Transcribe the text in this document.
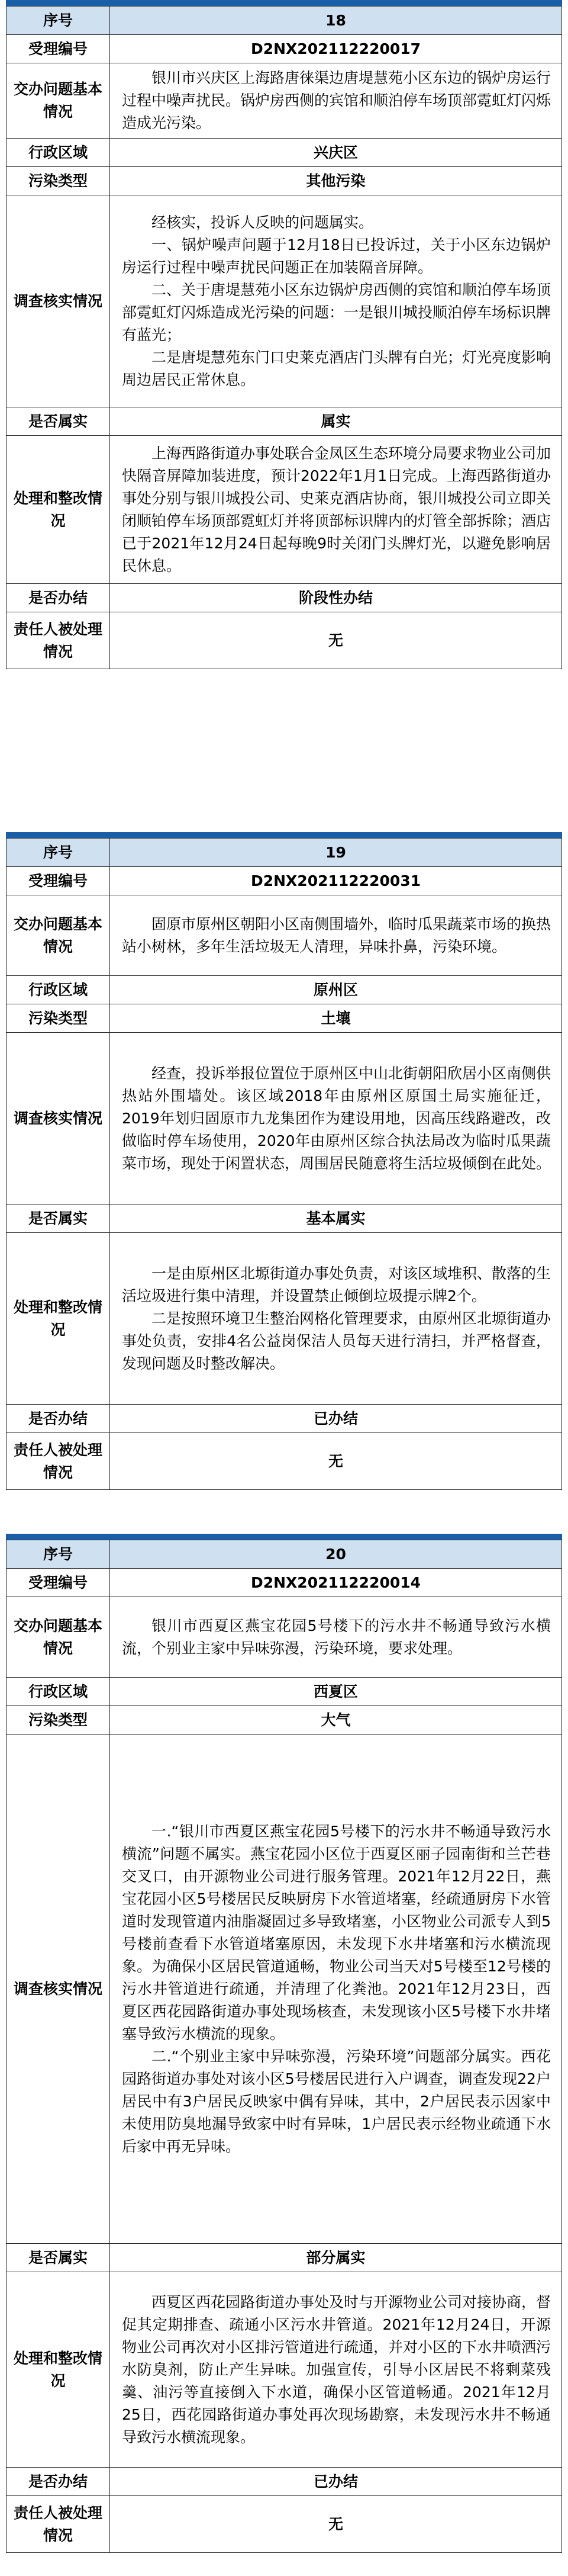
序号	18

受理编号	D2NX202112220017

交办问题基本情况	银川市兴庆区上海路唐徕渠边唐堤慧苑小区东边的锅炉房运行过程中噪声扰民。锅炉房西侧的宾馆和顺泊停车场顶部霓虹灯闪烁造成光污染。

行政区域	兴庆区

污染类型	其他污染

调查核实情况	经核实，投诉人反映的问题属实。

一、锅炉噪声问题于12月18日已投诉过，关于小区东边锅炉房运行过程中噪声扰民问题正在加装隔音屏障。

二、关于唐堤慧苑小区东边锅炉房西侧的宾馆和顺泊停车场顶部霓虹灯闪烁造成光污染的问题：一是银川城投顺泊停车场标识牌有蓝光；

二是唐堤慧苑东门口史莱克酒店门头牌有白光；灯光亮度影响周边居民正常休息。

是否属实	属实

处理和整改情况	上海西路街道办事处联合金凤区生态环境分局要求物业公司加快隔音屏障加装进度，预计2022年1月1日完成。上海西路街道办事处分别与银川城投公司、史莱克酒店协商，银川城投公司立即关闭顺铂停车场顶部霓虹灯并将顶部标识牌内的灯管全部拆除；酒店已于2021年12月24日起每晚9时关闭门头牌灯光，以避免影响居民休息。

是否办结	阶段性办结

责任人被处理情况	无
序号	19

受理编号	D2NX202112220031

交办问题基本情况	固原市原州区朝阳小区南侧围墙外，临时瓜果蔬菜市场的换热站小树林，多年生活垃圾无人清理，异味扑鼻，污染环境。

行政区域	原州区

污染类型	土壤

调查核实情况	经查，投诉举报位置位于原州区中山北街朝阳欣居小区南侧供热站外围墙处。该区域2018年由原州区原国土局实施征迁，2019年划归固原市九龙集团作为建设用地，因高压线路避改，改做临时停车场使用，2020年由原州区综合执法局改为临时瓜果蔬菜市场，现处于闲置状态，周围居民随意将生活垃圾倾倒在此处。

是否属实	基本属实

处理和整改情况	一是由原州区北塬街道办事处负责，对该区域堆积、散落的生活垃圾进行集中清理，并设置禁止倾倒垃圾提示牌2个。

二是按照环境卫生整治网格化管理要求，由原州区北塬街道办事处负责，安排4名公益岗保洁人员每天进行清扫，并严格督查，发现问题及时整改解决。

是否办结	已办结

责任人被处理情况	无
序号	20

受理编号	D2NX202112220014

交办问题基本情况	银川市西夏区燕宝花园5号楼下的污水井不畅通导致污水横流，个别业主家中异味弥漫，污染环境，要求处理。

行政区域	西夏区

污染类型	大气

调查核实情况	一.“银川市西夏区燕宝花园5号楼下的污水井不畅通导致污水横流”问题不属实。燕宝花园小区位于西夏区丽子园南街和兰芒巷交叉口，由开源物业公司进行服务管理。2021年12月22日，燕宝花园小区5号楼居民反映厨房下水管道堵塞，经疏通厨房下水管道时发现管道内油脂凝固过多导致堵塞，小区物业公司派专人到5号楼前查看下水管道堵塞原因，未发现下水井堵塞和污水横流现象。为确保小区居民管道通畅，物业公司当天对5号楼至12号楼的污水井管道进行疏通，并清理了化粪池。2021年12月23日，西夏区西花园路街道办事处现场核查，未发现该小区5号楼下水井堵塞导致污水横流的现象。

二.“个别业主家中异味弥漫，污染环境”问题部分属实。西花园路街道办事处对该小区5号楼居民进行入户调查，调查发现22户居民中有3户居民反映家中偶有异味，其中，2户居民表示因家中未使用防臭地漏导致家中时有异味，1户居民表示经物业疏通下水后家中再无异味。

是否属实	部分属实

处理和整改情况	西夏区西花园路街道办事处及时与开源物业公司对接协商，督促其定期排查、疏通小区污水井管道。2021年12月24日，开源物业公司再次对小区排污管道进行疏通，并对小区的下水井喷洒污水防臭剂，防止产生异味。加强宣传，引导小区居民不将剩菜残羹、油污等直接倒入下水道，确保小区管道畅通。2021年12月25日，西花园路街道办事处再次现场勘察，未发现污水井不畅通导致污水横流现象。

是否办结	已办结

责任人被处理情况	无
